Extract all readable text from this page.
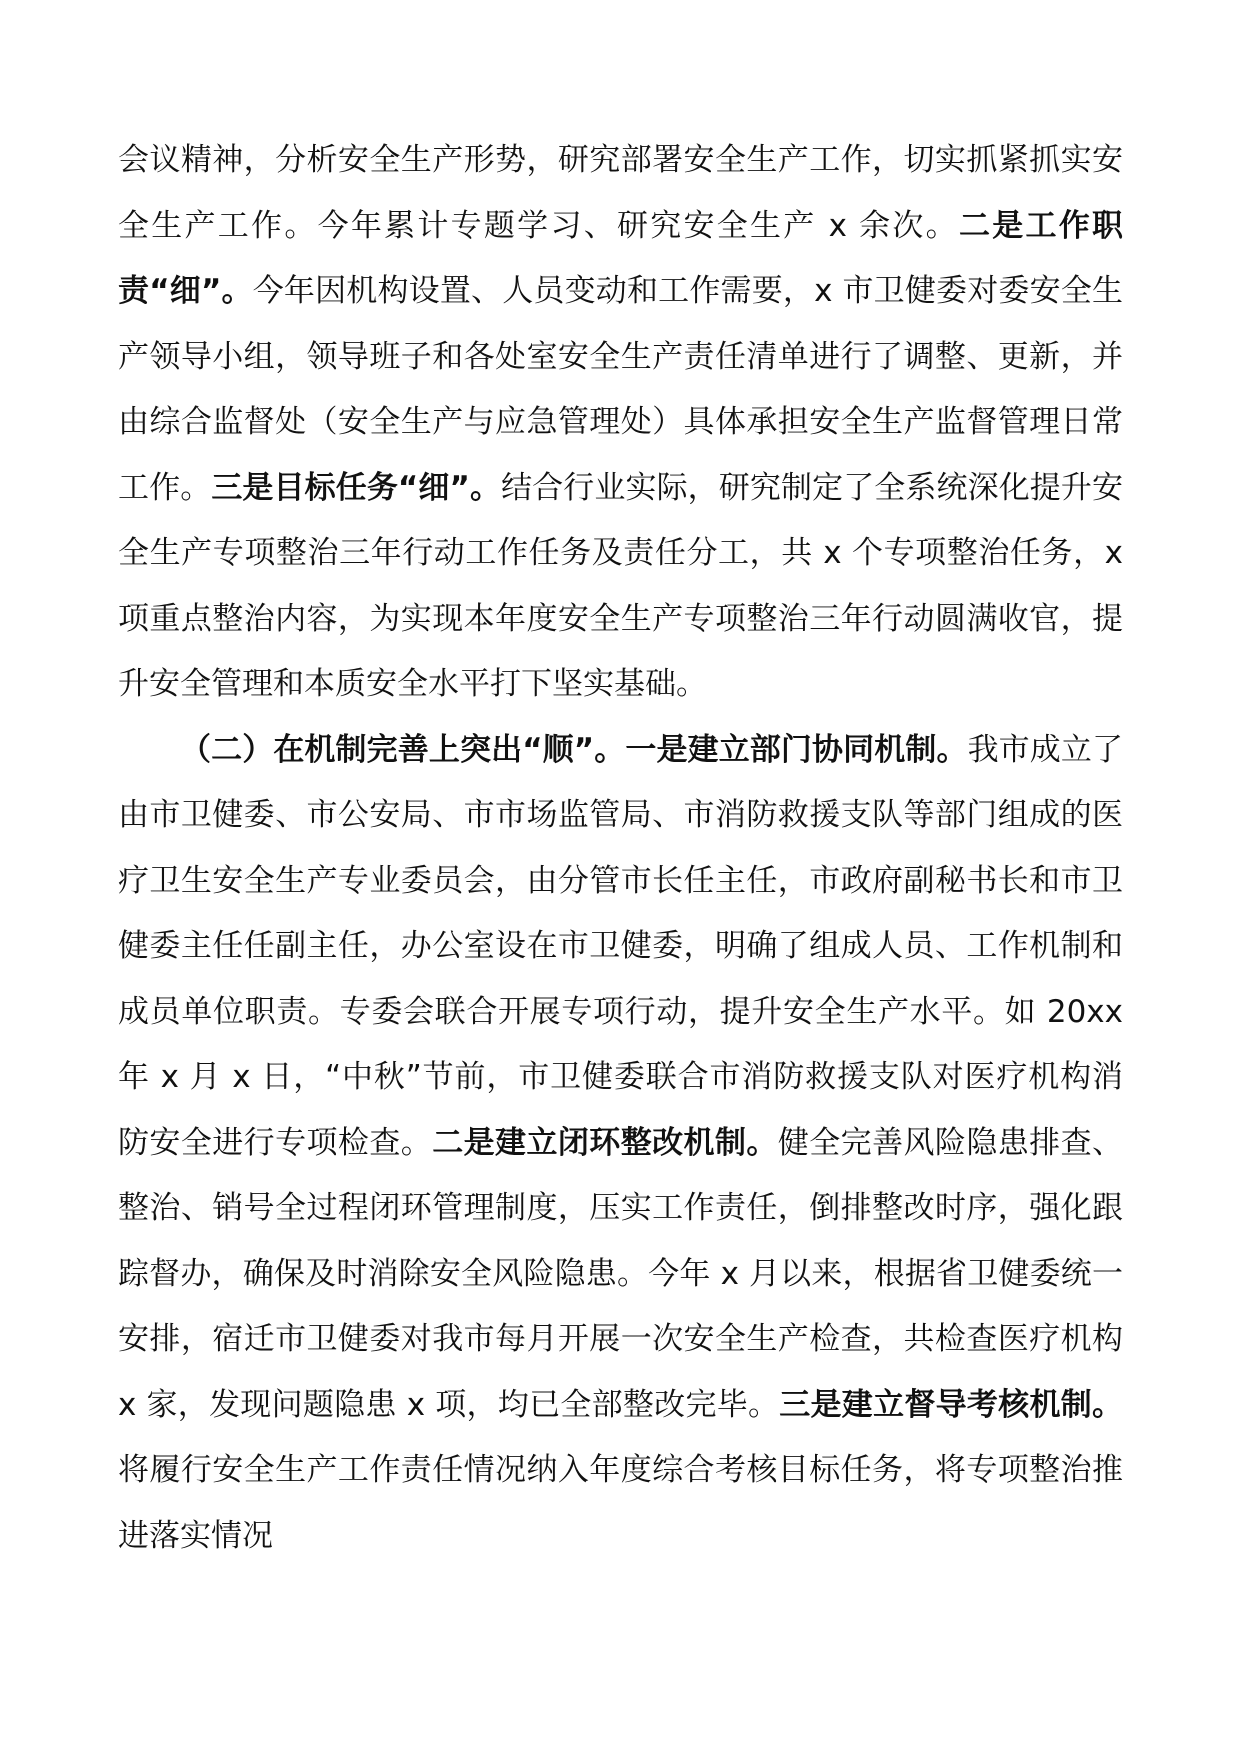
会议精神，分析安全生产形势，研究部署安全生产工作，切实抓紧抓实安全生产工作。今年累计专题学习、研究安全生产 x 余次。二是工作职责“细”。今年因机构设置、人员变动和工作需要，x 市卫健委对委安全生产领导小组，领导班子和各处室安全生产责任清单进行了调整、更新，并由综合监督处（安全生产与应急管理处）具体承担安全生产监督管理日常工作。三是目标任务“细”。结合行业实际，研究制定了全系统深化提升安全生产专项整治三年行动工作任务及责任分工，共 x 个专项整治任务，x 项重点整治内容，为实现本年度安全生产专项整治三年行动圆满收官，提升安全管理和本质安全水平打下坚实基础。

（二）在机制完善上突出“顺”。一是建立部门协同机制。我市成立了由市卫健委、市公安局、市市场监管局、市消防救援支队等部门组成的医疗卫生安全生产专业委员会，由分管市长任主任，市政府副秘书长和市卫健委主任任副主任，办公室设在市卫健委，明确了组成人员、工作机制和成员单位职责。专委会联合开展专项行动，提升安全生产水平。如 20xx 年 x 月 x 日，“中秋”节前，市卫健委联合市消防救援支队对医疗机构消防安全进行专项检查。二是建立闭环整改机制。健全完善风险隐患排查、整治、销号全过程闭环管理制度，压实工作责任，倒排整改时序，强化跟踪督办，确保及时消除安全风险隐患。今年 x 月以来，根据省卫健委统一安排，宿迁市卫健委对我市每月开展一次安全生产检查，共检查医疗机构 x 家，发现问题隐患 x 项，均已全部整改完毕。三是建立督导考核机制。将履行安全生产工作责任情况纳入年度综合考核目标任务，将专项整治推进落实情况
